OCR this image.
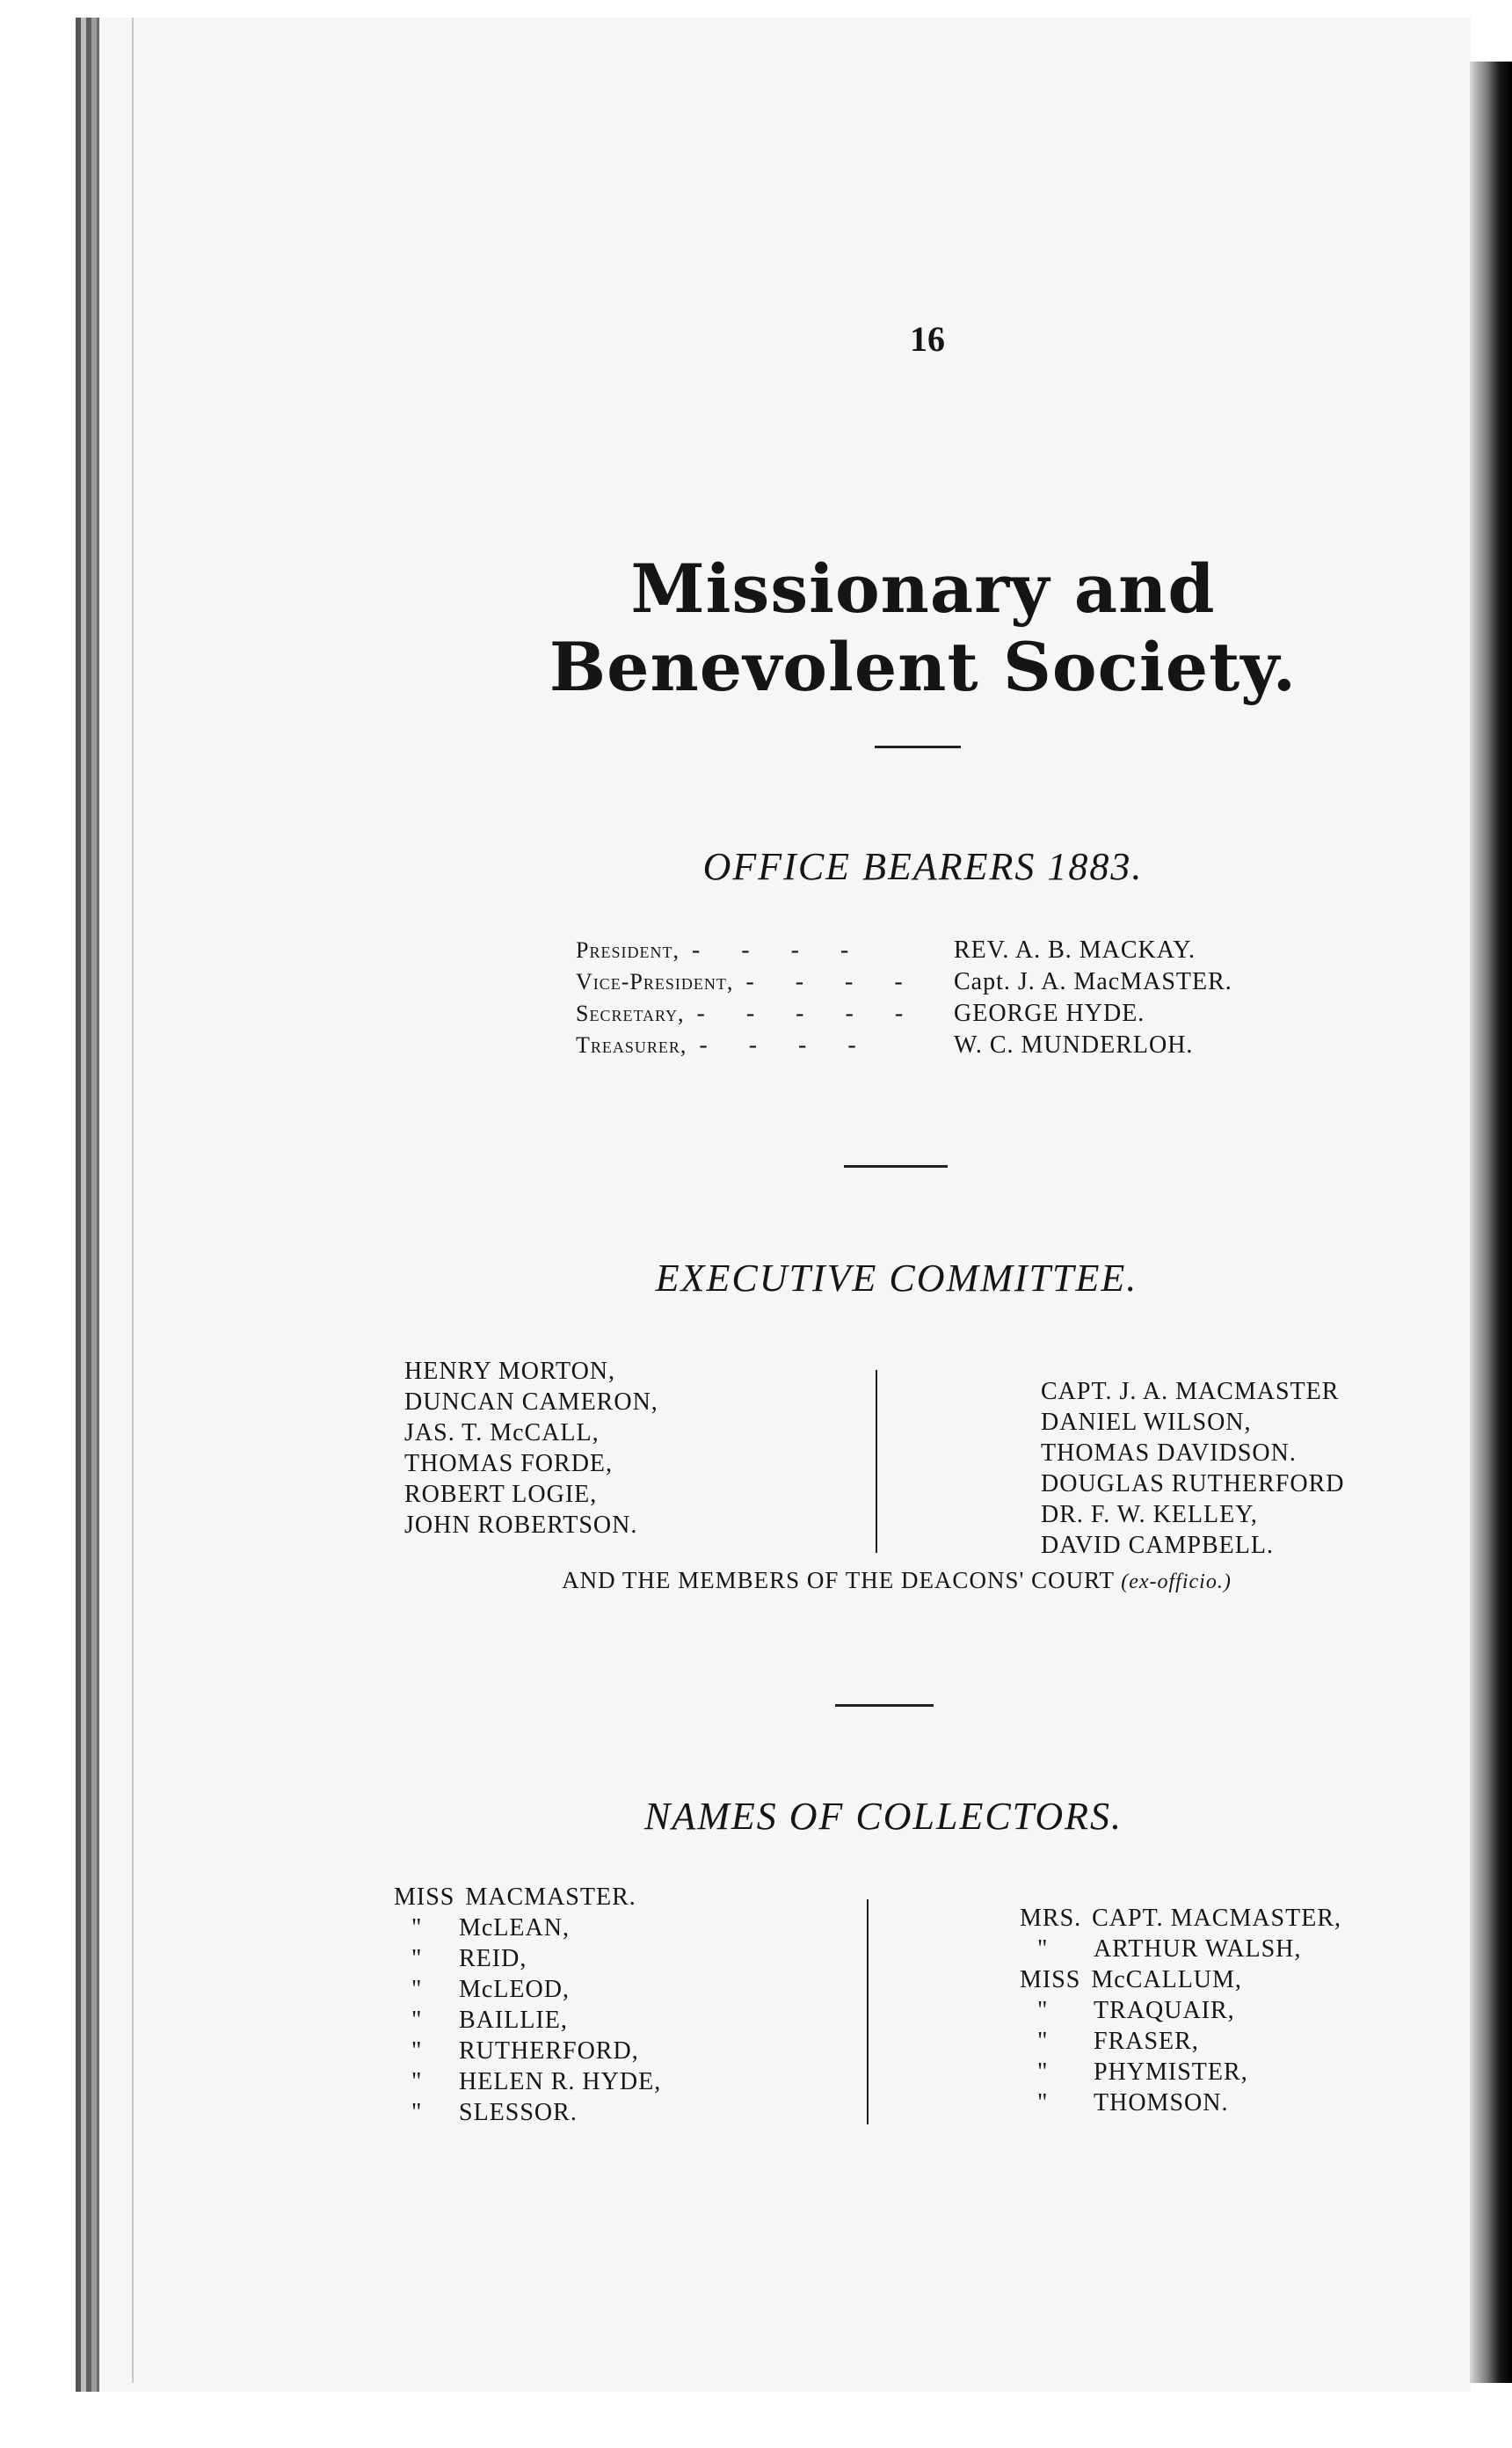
16
Missionary and Benevolent Society.
OFFICE BEARERS 1883.
President, - - - -	REV. A. B. MACKAY.
Vice-President, - - - - Capt. J. A. MacMASTER.
Secretary, - - - - - GEORGE HYDE.
Treasurer, - - - -	W. C. MUNDERLOH.
EXECUTIVE COMMITTEE.
HENRY MORTON,
DUNCAN CAMERON,
JAS. T. McCALL,
THOMAS FORDE,
ROBERT LOGIE,
JOHN ROBERTSON.
CAPT. J. A. MACMASTER
DANIEL WILSON,
THOMAS DAVIDSON.
DOUGLAS RUTHERFORD
DR. F. W. KELLEY,
DAVID CAMPBELL.
AND THE MEMBERS OF THE DEACONS' COURT (ex-officio.)
NAMES OF COLLECTORS.
MISS MACMASTER.
"	McLEAN,
"	REID,
"	McLEOD,
"	BAILLIE,
"	RUTHERFORD,
"	HELEN R. HYDE,
"	SLESSOR.
MRS. CAPT. MACMASTER,
"	ARTHUR WALSH,
MISS McCALLUM,
"	TRAQUAIR,
"	FRASER,
"	PHYMISTER,
"	THOMSON.
